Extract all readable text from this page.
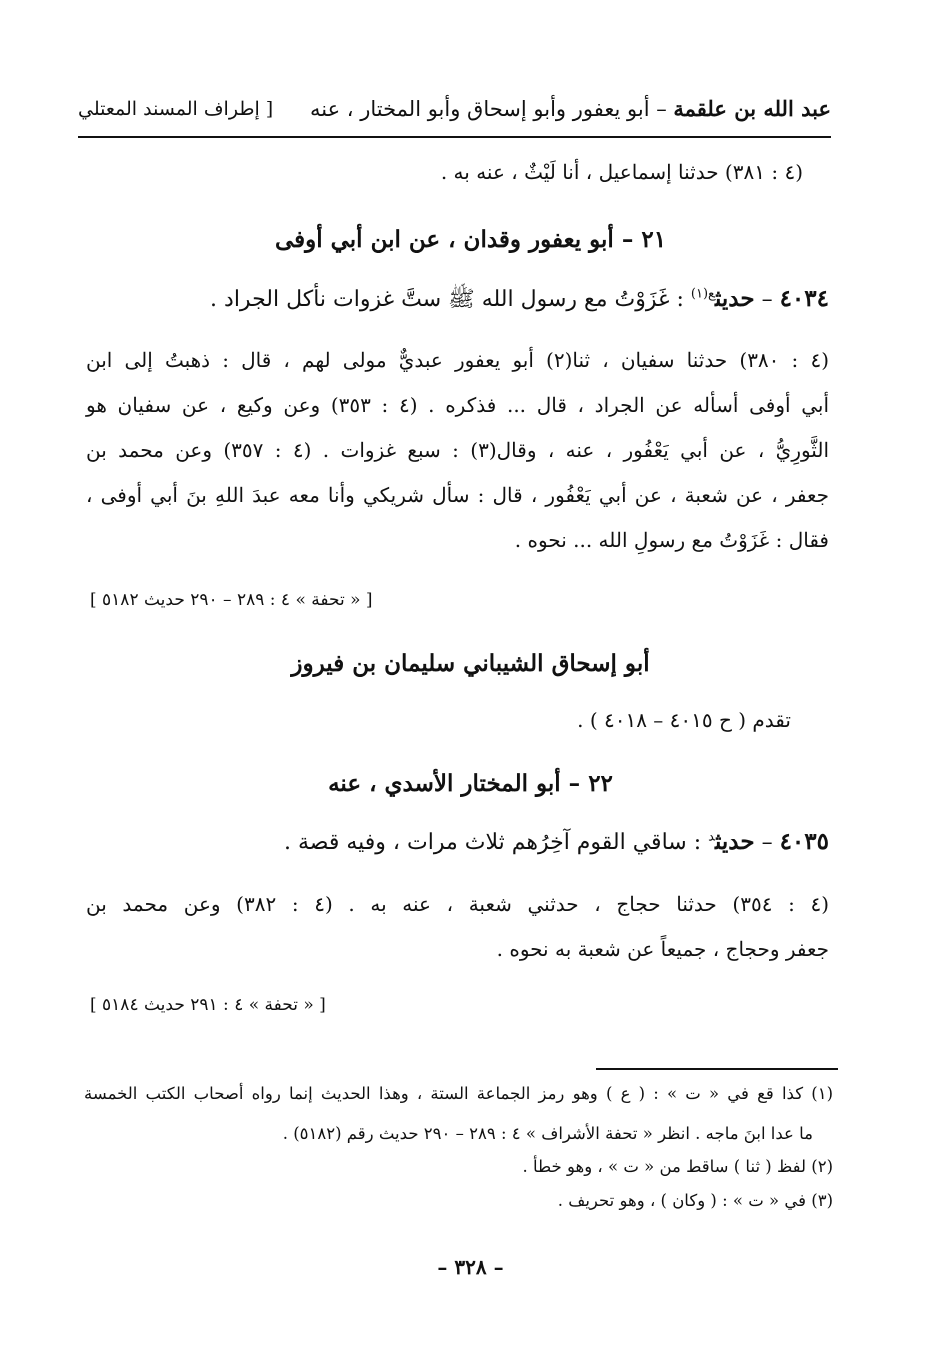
عبد الله بن علقمة – أبو يعفور وأبو إسحاق وأبو المختار ، عنه
[ إطراف المسند المعتلي
(٤ : ٣٨١) حدثنا إسماعيل ، أنا لَيْثٌ ، عنه به .
٢١ – أبو يعفور وقدان ، عن ابن أبي أوفى
٤٠٣٤ – حديث$^{ع(١)}$ : غَزَوْتُ مع رسول الله ﷺ ستَّ غزوات نأكل الجراد .
(٤ : ٣٨٠) حدثنا سفيان ، ثنا(٢) أبو يعفور عبديٌّ مولى لهم ، قال : ذهبتُ إلى ابن
أبي أوفى أسأله عن الجراد ، قال ... فذكره . (٤ : ٣٥٣) وعن وكيع ، عن سفيان هو
الثَّورِيُّ ، عن أبي يَعْفُور ، عنه ، وقال(٣) : سبع غزوات . (٤ : ٣٥٧) وعن محمد بن
جعفر ، عن شعبة ، عن أبي يَعْفُور ، قال : سأل شريكي وأنا معه عبدَ اللهِ بنَ أبي أوفى ،
فقال : غَزَوْتُ مع رسولِ الله ... نحوه .
[ « تحفة » ٤ : ٢٨٩ – ٢٩٠ حديث ٥١٨٢ ]
أبو إسحاق الشيباني سليمان بن فيروز
تقدم ( ح ٤٠١٥ – ٤٠١٨ ) .
٢٢ – أبو المختار الأسدي ، عنه
٤٠٣٥ – حديث$^د$ : ساقي القوم آخِرُهم ثلاث مرات ، وفيه قصة .
(٤ : ٣٥٤) حدثنا حجاج ، حدثني شعبة ، عنه به . (٤ : ٣٨٢) وعن محمد بن
جعفر وحجاج ، جميعاً عن شعبة به نحوه .
[ « تحفة » ٤ : ٢٩١ حديث ٥١٨٤ ]
(١) كذا قع في « ت » : ( ع ) وهو رمز الجماعة الستة ، وهذا الحديث إنما رواه أصحاب الكتب الخمسة
ما عدا ابنَ ماجه . انظر « تحفة الأشراف » ٤ : ٢٨٩ – ٢٩٠ حديث رقم (٥١٨٢) .
(٢) لفظ ( ثنا ) ساقط من « ت » ، وهو خطأ .
(٣) في « ت » : ( وكان ) ، وهو تحريف .
– ٣٢٨ –
